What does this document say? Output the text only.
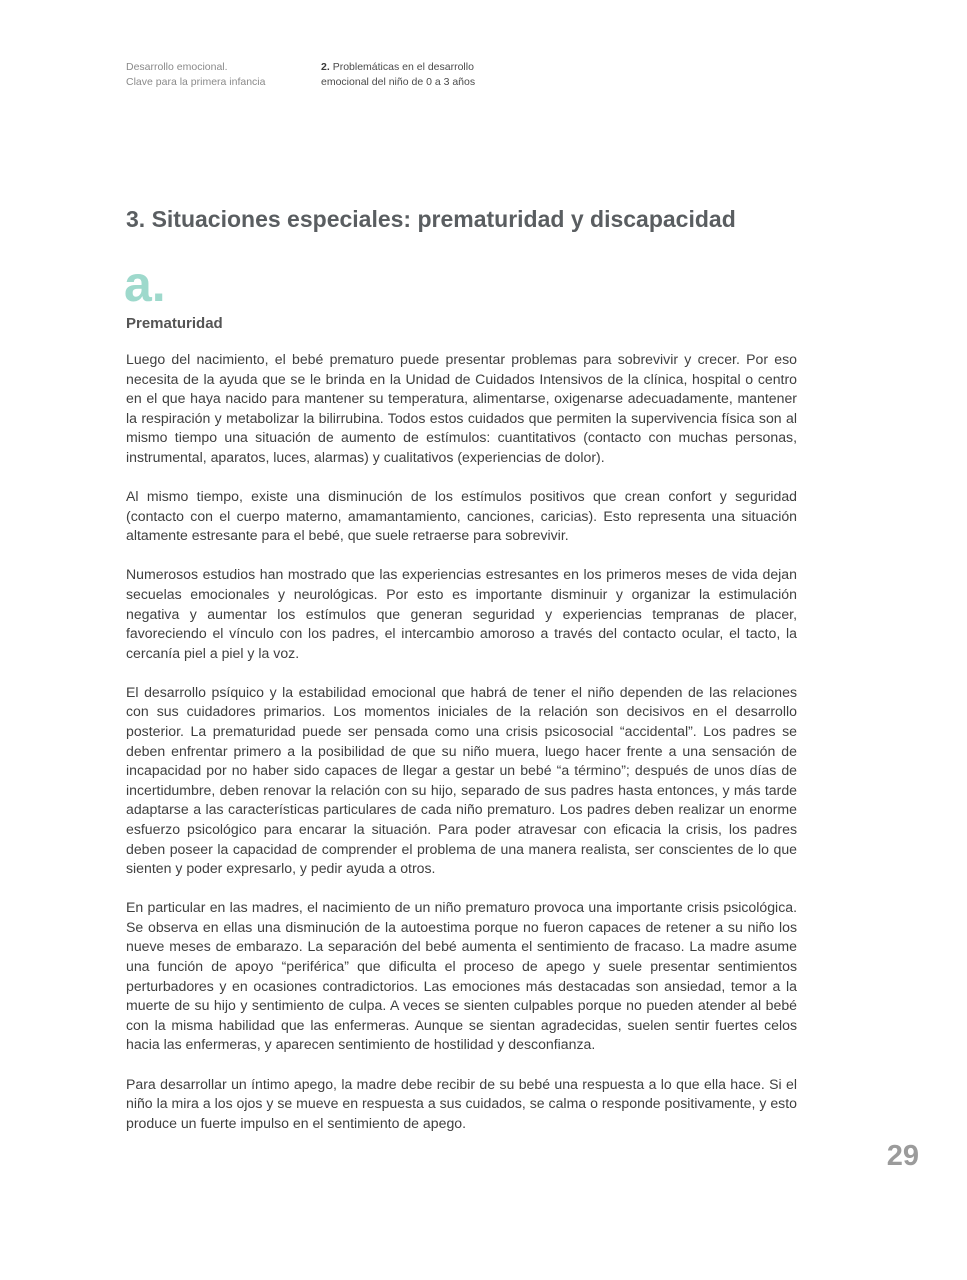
Desarrollo emocional.
Clave para la primera infancia
2. Problemáticas en el desarrollo
emocional del niño de 0 a 3 años
3. Situaciones especiales: prematuridad y discapacidad
a.
Prematuridad

Luego del nacimiento, el bebé prematuro puede presentar problemas para sobrevivir y crecer. Por eso necesita de la ayuda que se le brinda en la Unidad de Cuidados Intensivos de la clínica, hospital o centro en el que haya nacido para mantener su temperatura, alimentarse, oxigenarse adecuadamente, mantener la respiración y metabolizar la bilirrubina. Todos estos cuidados que permiten la supervivencia física son al mismo tiempo una situación de aumento de estímulos: cuantitativos (contacto con muchas personas, instrumental, aparatos, luces, alarmas) y cualitativos (experiencias de dolor).

Al mismo tiempo, existe una disminución de los estímulos positivos que crean confort y seguridad (contacto con el cuerpo materno, amamantamiento, canciones, caricias). Esto representa una situación altamente estresante para el bebé, que suele retraerse para sobrevivir.

Numerosos estudios han mostrado que las experiencias estresantes en los primeros meses de vida dejan secuelas emocionales y neurológicas. Por esto es importante disminuir y organizar la estimulación negativa y aumentar los estímulos que generan seguridad y experiencias tempranas de placer, favoreciendo el vínculo con los padres, el intercambio amoroso a través del contacto ocular, el tacto, la cercanía piel a piel y la voz.

El desarrollo psíquico y la estabilidad emocional que habrá de tener el niño dependen de las relaciones con sus cuidadores primarios. Los momentos iniciales de la relación son decisivos en el desarrollo posterior. La prematuridad puede ser pensada como una crisis psicosocial “accidental”. Los padres se deben enfrentar primero a la posibilidad de que su niño muera, luego hacer frente a una sensación de incapacidad por no haber sido capaces de llegar a gestar un bebé “a término”; después de unos días de incertidumbre, deben renovar la relación con su hijo, separado de sus padres hasta entonces, y más tarde adaptarse a las características particulares de cada niño prematuro. Los padres deben realizar un enorme esfuerzo psicológico para encarar la situación. Para poder atravesar con eficacia la crisis, los padres deben poseer la capacidad de comprender el problema de una manera realista, ser conscientes de lo que sienten y poder expresarlo, y pedir ayuda a otros.

En particular en las madres, el nacimiento de un niño prematuro provoca una importante crisis psicológica. Se observa en ellas una disminución de la autoestima porque no fueron capaces de retener a su niño los nueve meses de embarazo. La separación del bebé aumenta el sentimiento de fracaso. La madre asume una función de apoyo “periférica” que dificulta el proceso de apego y suele presentar sentimientos perturbadores y en ocasiones contradictorios. Las emociones más destacadas son ansiedad, temor a la muerte de su hijo y sentimiento de culpa. A veces se sienten culpables porque no pueden atender al bebé con la misma habilidad que las enfermeras. Aunque se sientan agradecidas, suelen sentir fuertes celos hacia las enfermeras, y aparecen sentimiento de hostilidad y desconfianza.

Para desarrollar un íntimo apego, la madre debe recibir de su bebé una respuesta a lo que ella hace. Si el niño la mira a los ojos y se mueve en respuesta a sus cuidados, se calma o responde positivamente, y esto produce un fuerte impulso en el sentimiento de apego.

29
